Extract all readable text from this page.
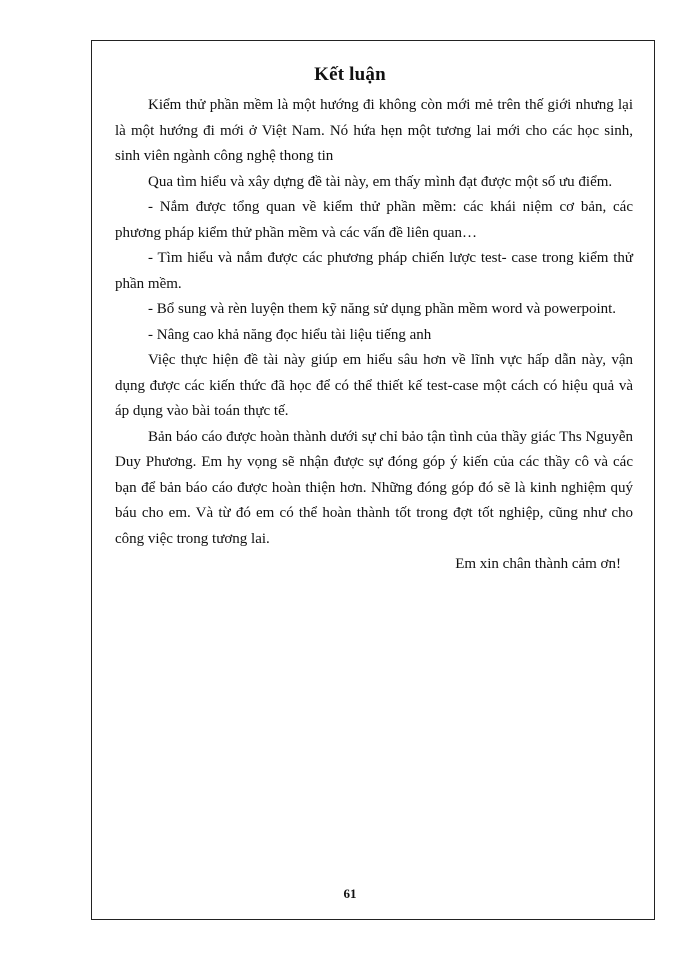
Kết luận

Kiểm thử phần mềm là một hướng đi không còn mới mẻ trên thế giới nhưng lại là một hướng đi mới ở Việt Nam. Nó hứa hẹn một tương lai mới cho các học sinh, sinh viên ngành công nghệ thong tin

Qua tìm hiểu và xây dựng đề tài này, em thấy mình đạt được một số ưu điểm.

- Nắm được tổng quan về kiểm thử phần mềm: các khái niệm cơ bản, các phương pháp kiểm thử phần mềm và các vấn đề liên quan…

- Tìm hiểu và nắm được các phương pháp chiến lược test- case trong kiểm thử phần mềm.

- Bổ sung và rèn luyện them kỹ năng sử dụng phần mềm word và powerpoint.

- Nâng cao khả năng đọc hiểu tài liệu tiếng anh

Việc thực hiện đề tài này giúp em hiểu sâu hơn về lĩnh vực hấp dẫn này, vận dụng được các kiến thức đã học để có thể thiết kế test-case một cách có hiệu quả và áp dụng vào bài toán thực tế.

Bản báo cáo được hoàn thành dưới sự chỉ bảo tận tình của thầy giác Ths Nguyễn Duy Phương. Em hy vọng sẽ nhận được sự đóng góp ý kiến của các thầy cô và các bạn để bản báo cáo được hoàn thiện hơn. Những đóng góp đó sẽ là kinh nghiệm quý báu cho em. Và từ đó em có thể hoàn thành tốt trong đợt tốt nghiệp, cũng như cho công việc trong tương lai.

Em xin chân thành cảm ơn!

61
